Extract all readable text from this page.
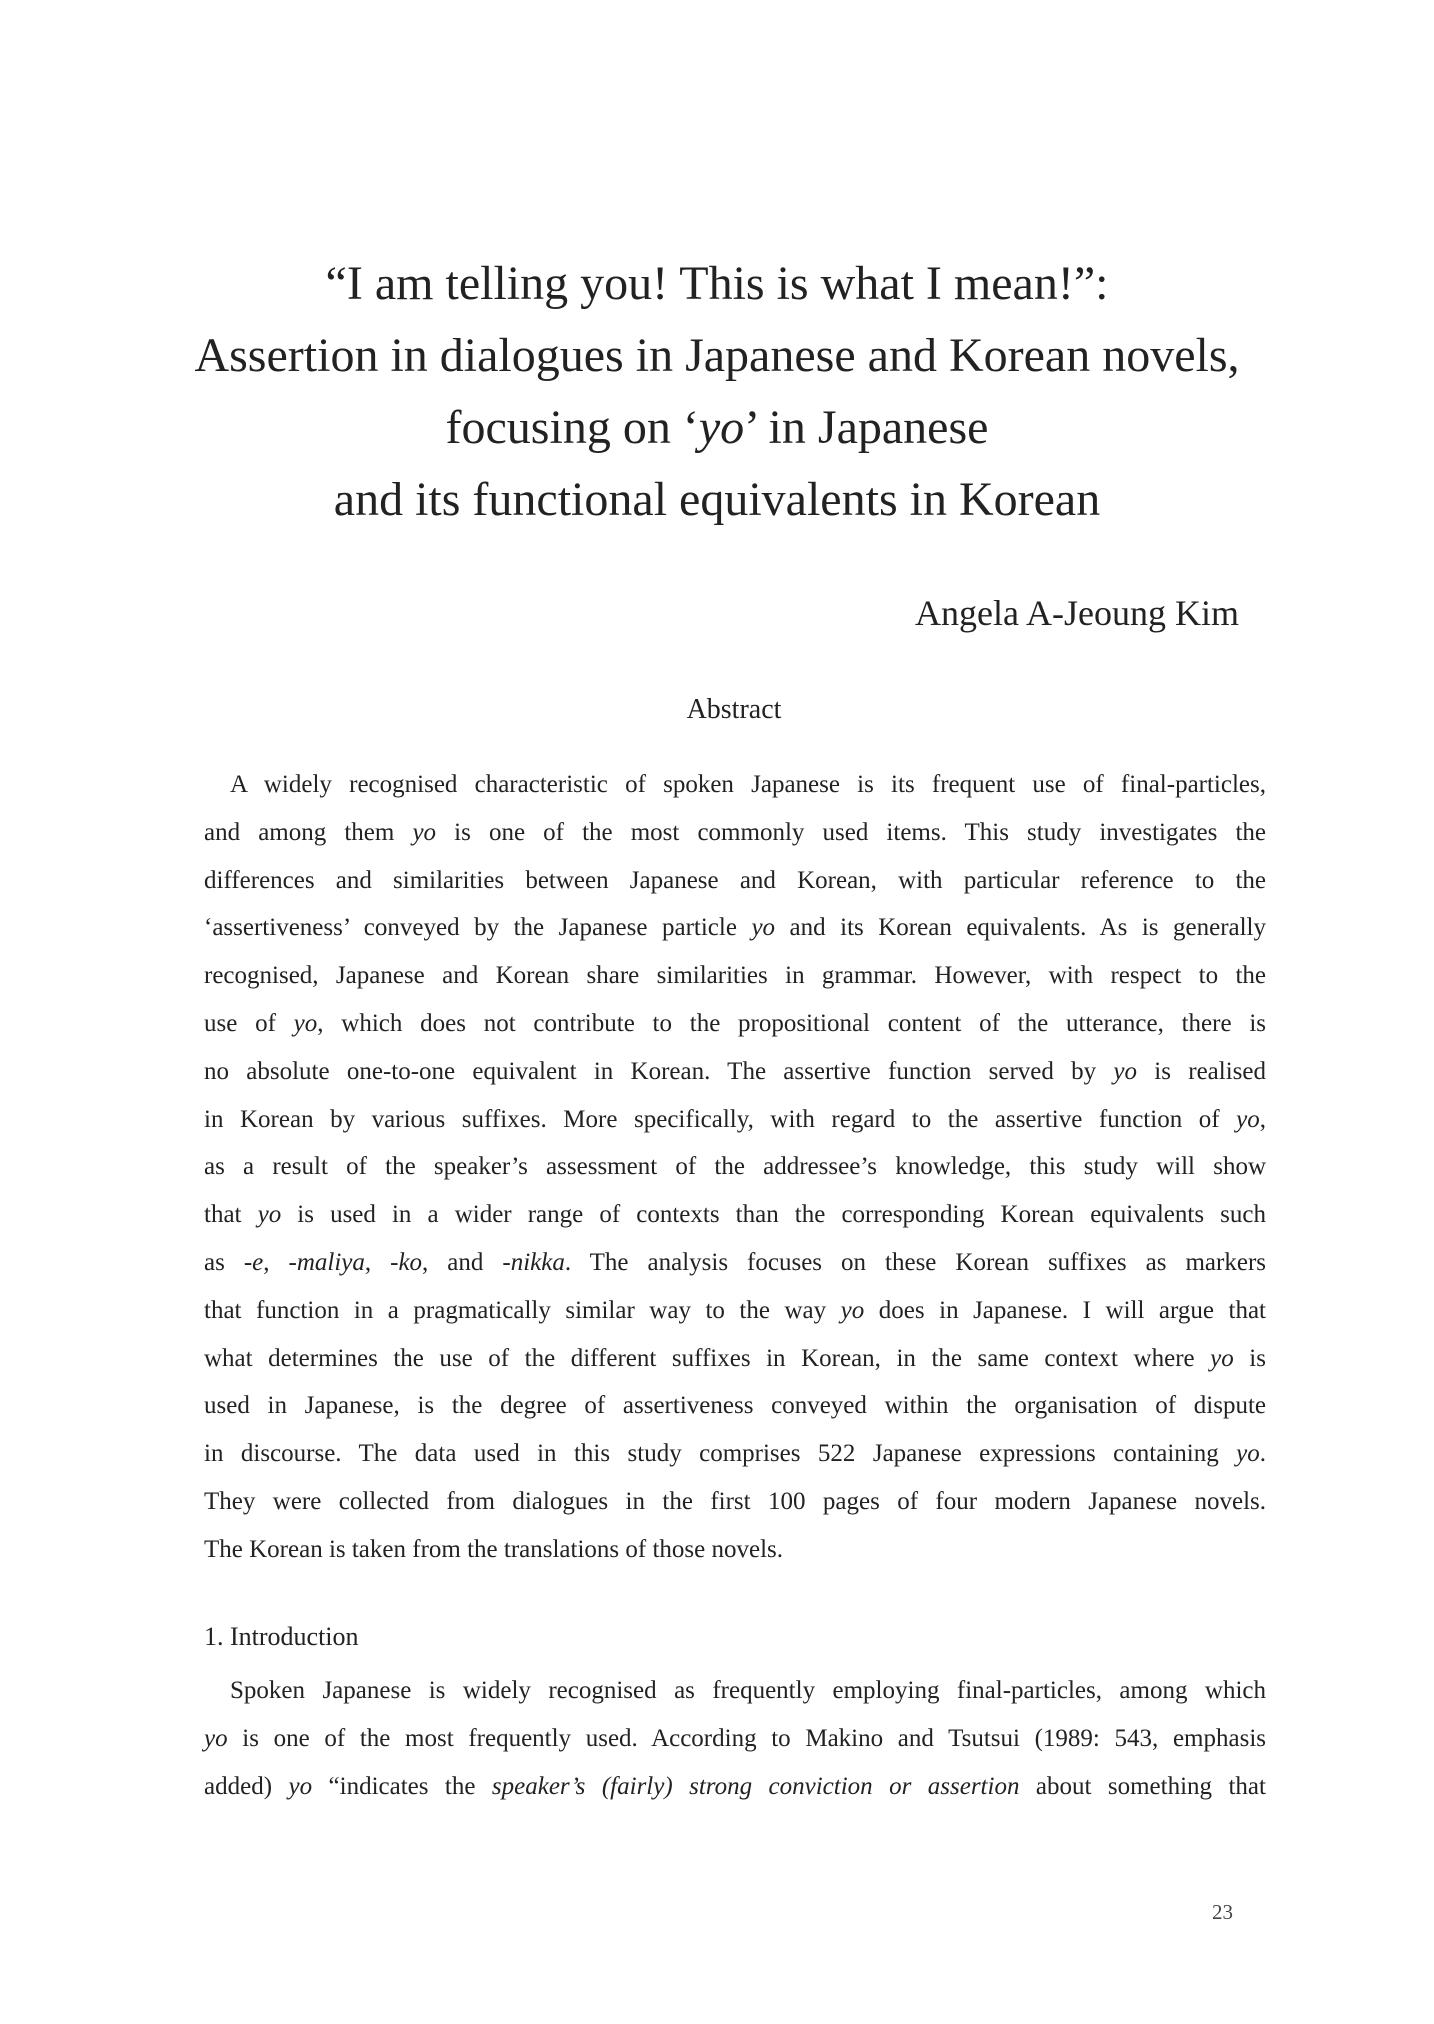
“I am telling you! This is what I mean!”:
Assertion in dialogues in Japanese and Korean novels,
focusing on ‘yo’ in Japanese
and its functional equivalents in Korean
Angela A-Jeoung Kim
Abstract
A widely recognised characteristic of spoken Japanese is its frequent use of final-particles,
and among them yo is one of the most commonly used items. This study investigates the
differences and similarities between Japanese and Korean, with particular reference to the
‘assertiveness’ conveyed by the Japanese particle yo and its Korean equivalents. As is generally
recognised, Japanese and Korean share similarities in grammar. However, with respect to the
use of yo, which does not contribute to the propositional content of the utterance, there is
no absolute one-to-one equivalent in Korean. The assertive function served by yo is realised
in Korean by various suffixes. More specifically, with regard to the assertive function of yo,
as a result of the speaker’s assessment of the addressee’s knowledge, this study will show
that yo is used in a wider range of contexts than the corresponding Korean equivalents such
as -e, -maliya, -ko, and -nikka. The analysis focuses on these Korean suffixes as markers
that function in a pragmatically similar way to the way yo does in Japanese. I will argue that
what determines the use of the different suffixes in Korean, in the same context where yo is
used in Japanese, is the degree of assertiveness conveyed within the organisation of dispute
in discourse. The data used in this study comprises 522 Japanese expressions containing yo.
They were collected from dialogues in the first 100 pages of four modern Japanese novels.
The Korean is taken from the translations of those novels.
1. Introduction
Spoken Japanese is widely recognised as frequently employing final-particles, among which
yo is one of the most frequently used. According to Makino and Tsutsui (1989: 543, emphasis
added) yo “indicates the speaker’s (fairly) strong conviction or assertion about something that
23
